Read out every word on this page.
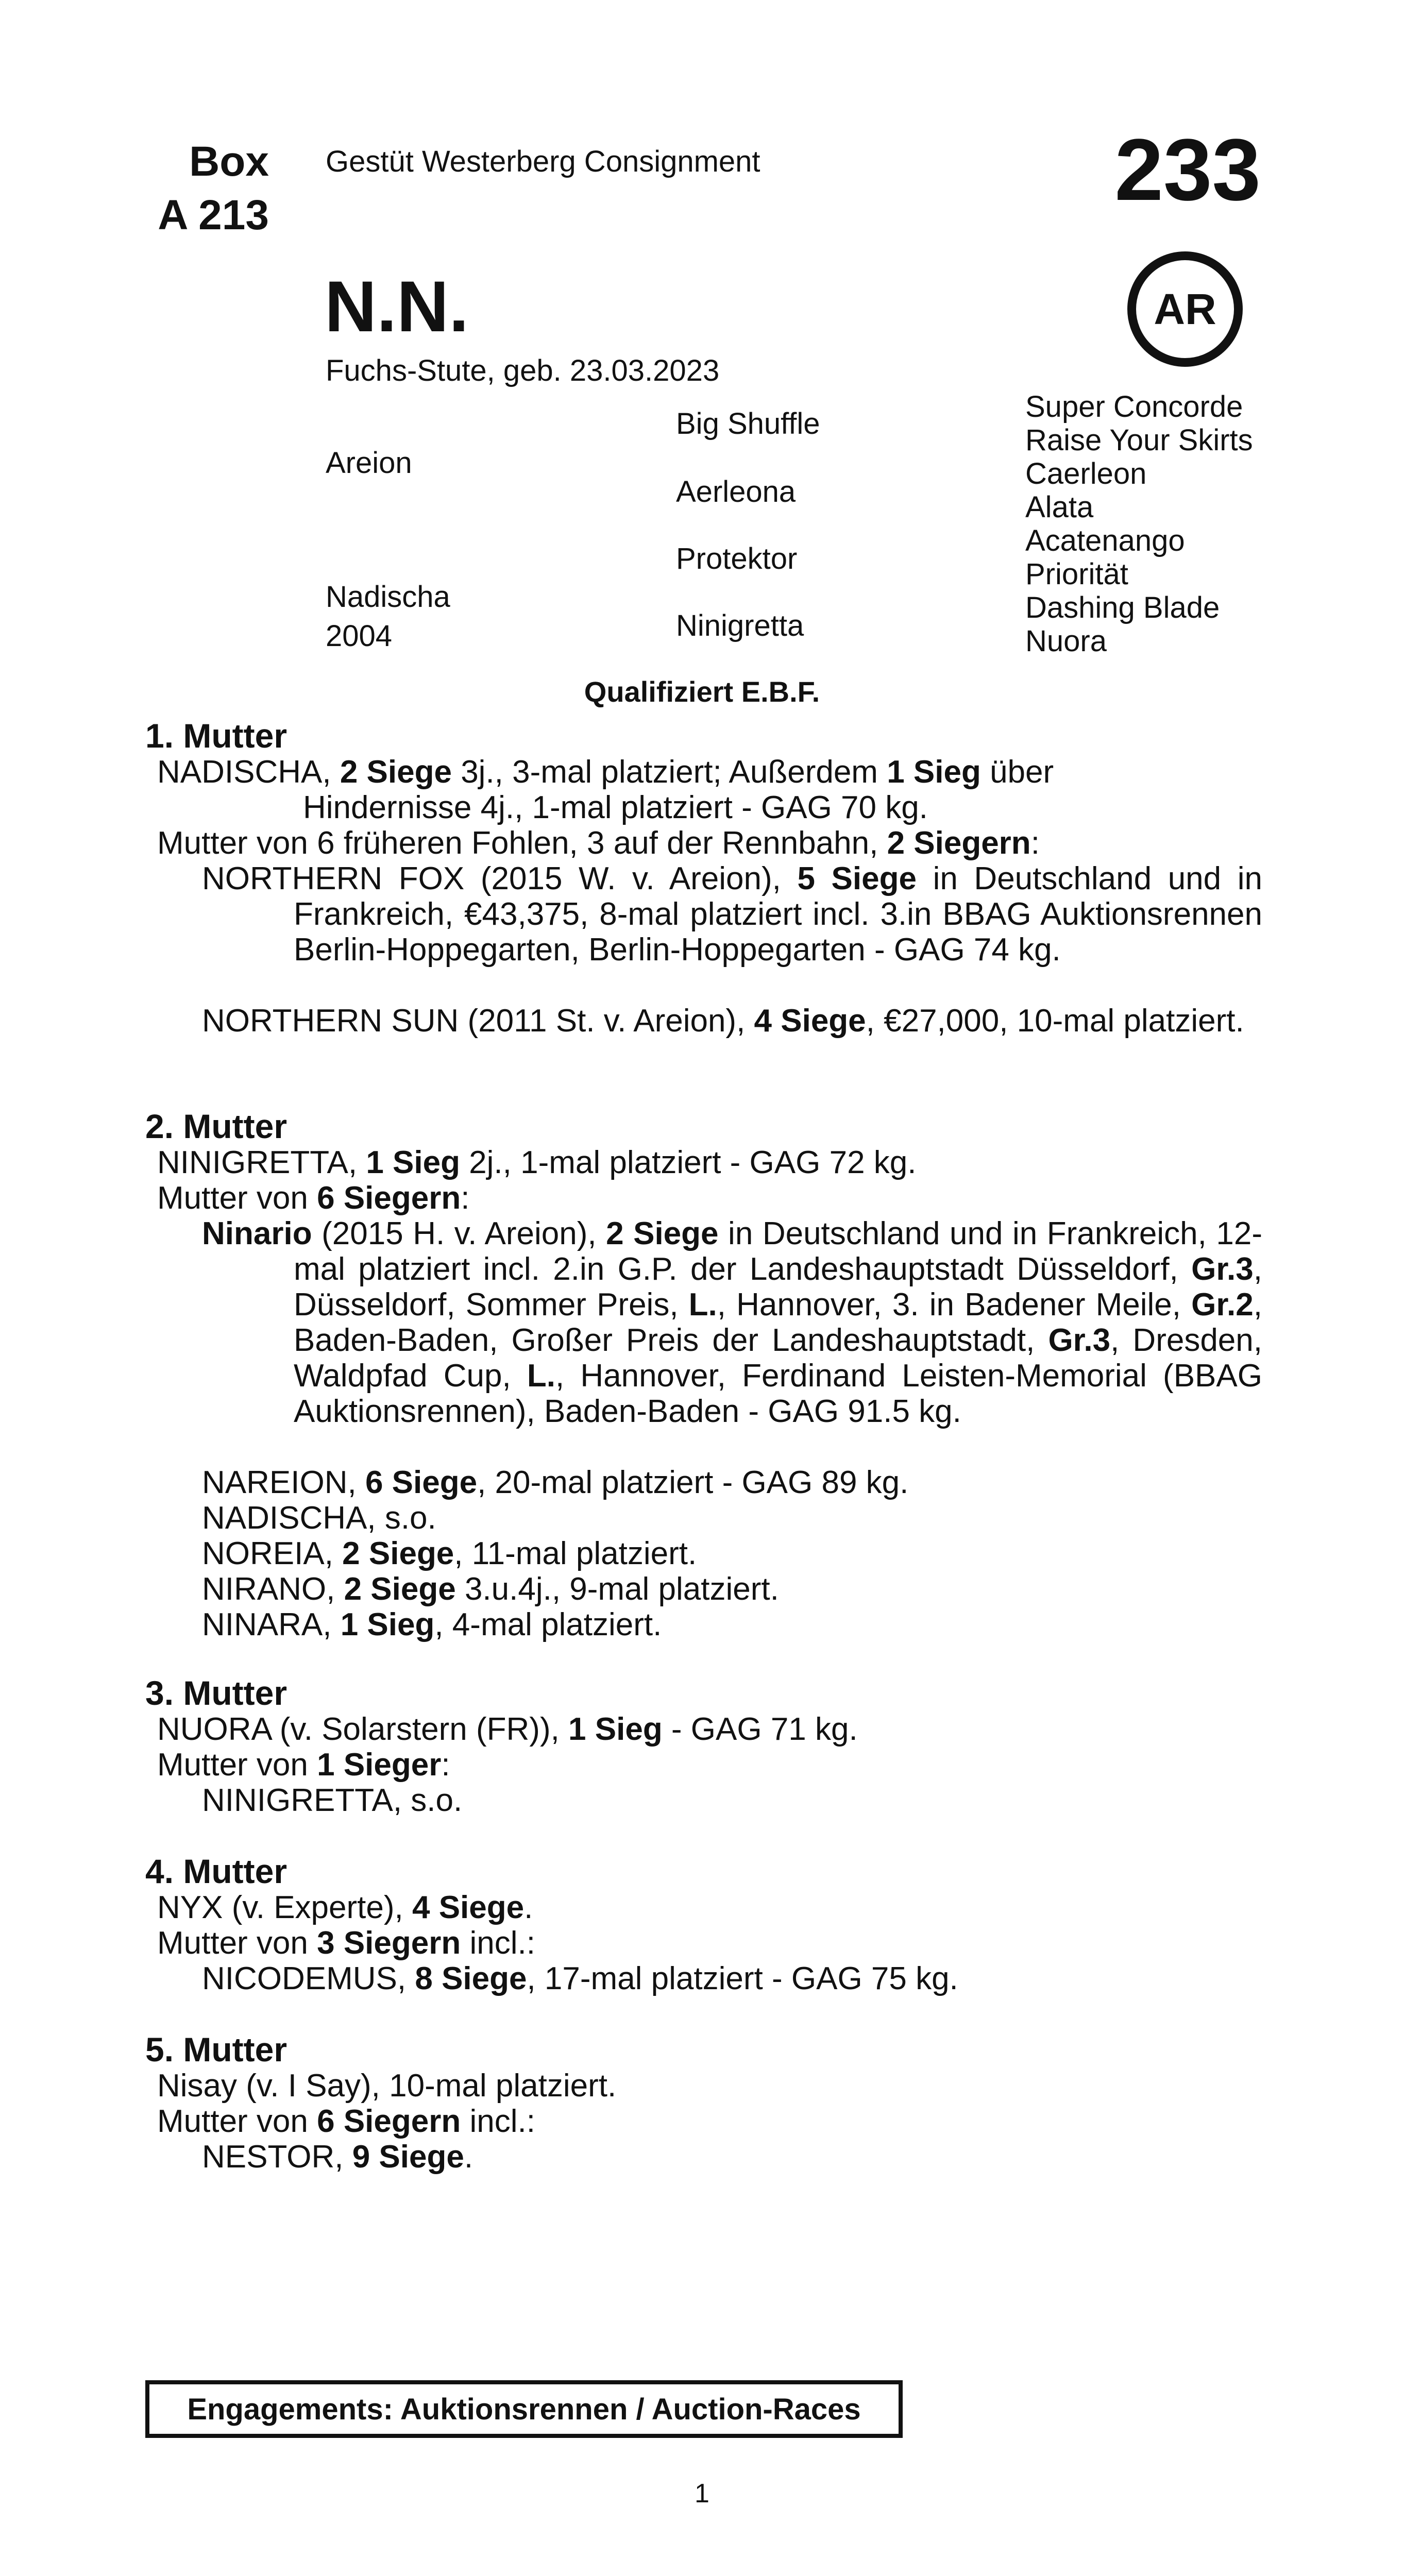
Box
A 213
Gestüt Westerberg Consignment	233
AR
N.N.
Fuchs-Stute, geb. 23.03.2023
Areion
Nadischa
2004
Big Shuffle
Aerleona
Protektor
Ninigretta
Super Concorde
Raise Your Skirts
Caerleon
Alata
Acatenango
Priorität
Dashing Blade
Nuora
Qualifiziert E.B.F.
1. Mutter
NADISCHA, 2 Siege 3j., 3-mal platziert; Außerdem 1 Sieg über
Hindernisse 4j., 1-mal platziert - GAG 70 kg.
Mutter von 6 früheren Fohlen, 3 auf der Rennbahn, 2 Siegern:
NORTHERN FOX (2015 W. v. Areion), 5 Siege in Deutschland und in Frankreich, €43,375, 8-mal platziert incl. 3.in BBAG Auktionsrennen Berlin-Hoppegarten, Berlin-Hoppegarten - GAG 74 kg.
NORTHERN SUN (2011 St. v. Areion), 4 Siege, €27,000, 10-mal platziert.
2. Mutter
NINIGRETTA, 1 Sieg 2j., 1-mal platziert - GAG 72 kg.
Mutter von 6 Siegern:
Ninario (2015 H. v. Areion), 2 Siege in Deutschland und in Frankreich, 12-mal platziert incl. 2.in G.P. der Landeshauptstadt Düsseldorf, Gr.3, Düsseldorf, Sommer Preis, L., Hannover, 3. in Badener Meile, Gr.2, Baden-Baden, Großer Preis der Landeshauptstadt, Gr.3, Dresden, Waldpfad Cup, L., Hannover, Ferdinand Leisten-Memorial (BBAG Auktionsrennen), Baden-Baden - GAG 91.5 kg.
NAREION, 6 Siege, 20-mal platziert - GAG 89 kg.
NADISCHA, s.o.
NOREIA, 2 Siege, 11-mal platziert.
NIRANO, 2 Siege 3.u.4j., 9-mal platziert.
NINARA, 1 Sieg, 4-mal platziert.
3. Mutter
NUORA (v. Solarstern (FR)), 1 Sieg - GAG 71 kg.
Mutter von 1 Sieger:
NINIGRETTA, s.o.
4. Mutter
NYX (v. Experte), 4 Siege.
Mutter von 3 Siegern incl.:
NICODEMUS, 8 Siege, 17-mal platziert - GAG 75 kg.
5. Mutter
Nisay (v. I Say), 10-mal platziert.
Mutter von 6 Siegern incl.:
NESTOR, 9 Siege.
Engagements: Auktionsrennen / Auction-Races
1
